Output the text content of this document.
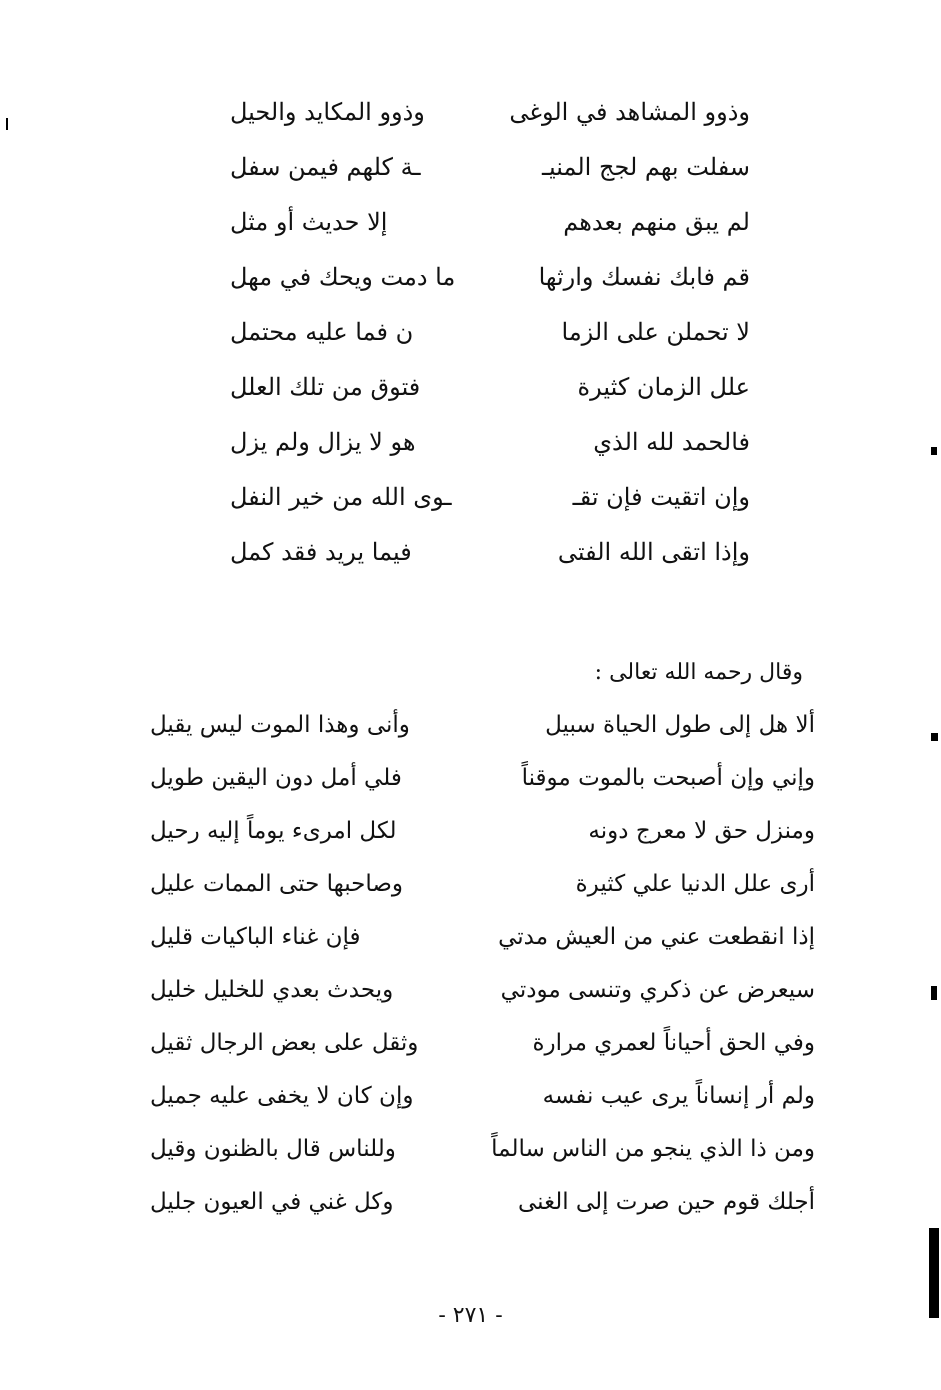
وذوو المشاهد في الوغى
وذوو المكايد والحيل
سفلت بهم لجج المنيـ
ـة كلهم فيمن سفل
لم يبق منهم بعدهم
إلا حديث أو مثل
قم فابك نفسك وارثها
ما دمت ويحك في مهل
لا تحملن على الزما
ن فما عليه محتمل
علل الزمان كثيرة
فتوق من تلك العلل
فالحمد لله الذي
هو لا يزال ولم يزل
وإن اتقيت فإن تقـ
ـوى الله من خير النفل
وإذا اتقى الله الفتى
فيما يريد فقد كمل
وقال رحمه الله تعالى :
ألا هل إلى طول الحياة سبيل
وأنى وهذا الموت ليس يقيل
وإني وإن أصبحت بالموت موقناً
فلي أمل دون اليقين طويل
ومنزل حق لا معرج دونه
لكل امرىء يوماً إليه رحيل
أرى علل الدنيا علي كثيرة
وصاحبها حتى الممات عليل
إذا انقطعت عني من العيش مدتي
فإن غناء الباكيات قليل
سيعرض عن ذكري وتنسى مودتي
ويحدث بعدي للخليل خليل
وفي الحق أحياناً لعمري مرارة
وثقل على بعض الرجال ثقيل
ولم أر إنساناً يرى عيب نفسه
وإن كان لا يخفى عليه جميل
ومن ذا الذي ينجو من الناس سالماً
وللناس قال بالظنون وقيل
أجلك قوم حين صرت إلى الغنى
وكل غني في العيون جليل
- ٢٧١ -
